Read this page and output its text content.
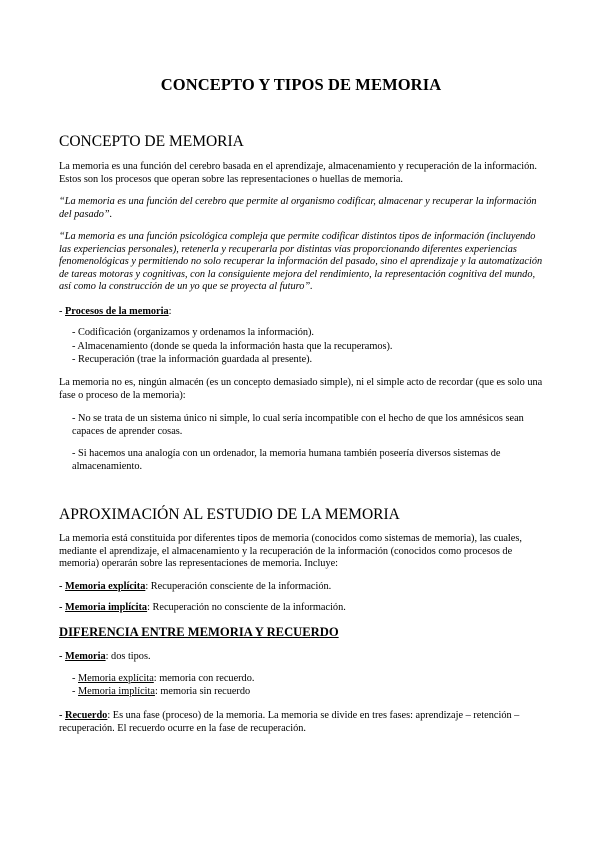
CONCEPTO Y TIPOS DE MEMORIA
CONCEPTO DE MEMORIA
La memoria es una función del cerebro basada en el aprendizaje, almacenamiento y recuperación de la información. Estos son los procesos que operan sobre las representaciones o huellas de memoria.
“La memoria es una función del cerebro que permite al organismo codificar, almacenar y recuperar la información del pasado”.
“La memoria es una función psicológica compleja que permite codificar distintos tipos de información (incluyendo las experiencias personales), retenerla y recuperarla por distintas vías proporcionando diferentes experiencias fenomenológicas y permitiendo no solo recuperar la información del pasado, sino el aprendizaje y la automatización de tareas motoras y cognitivas, con la consiguiente mejora del rendimiento, la representación cognitiva del mundo, así como la construcción de un yo que se proyecta al futuro”.
- Procesos de la memoria:
- Codificación (organizamos y ordenamos la información).
- Almacenamiento (donde se queda la información hasta que la recuperamos).
- Recuperación (trae la información guardada al presente).
La memoria no es, ningún almacén (es un concepto demasiado simple), ni el simple acto de recordar (que es solo una fase o proceso de la memoria):
- No se trata de un sistema único ni simple, lo cual sería incompatible con el hecho de que los amnésicos sean capaces de aprender cosas.
- Si hacemos una analogía con un ordenador, la memoria humana también poseería diversos sistemas de almacenamiento.
APROXIMACIÓN AL ESTUDIO DE LA MEMORIA
La memoria está constituida por diferentes tipos de memoria (conocidos como sistemas de memoria), las cuales, mediante el aprendizaje, el almacenamiento y la recuperación de la información (conocidos como procesos de memoria) operarán sobre las representaciones de memoria. Incluye:
- Memoria explícita: Recuperación consciente de la información.
- Memoria implícita: Recuperación no consciente de la información.
DIFERENCIA ENTRE MEMORIA Y RECUERDO
- Memoria: dos tipos.
- Memoria explícita: memoria con recuerdo.
- Memoria implícita: memoria sin recuerdo
- Recuerdo: Es una fase (proceso) de la memoria. La memoria se divide en tres fases: aprendizaje – retención – recuperación. El recuerdo ocurre en la fase de recuperación.
